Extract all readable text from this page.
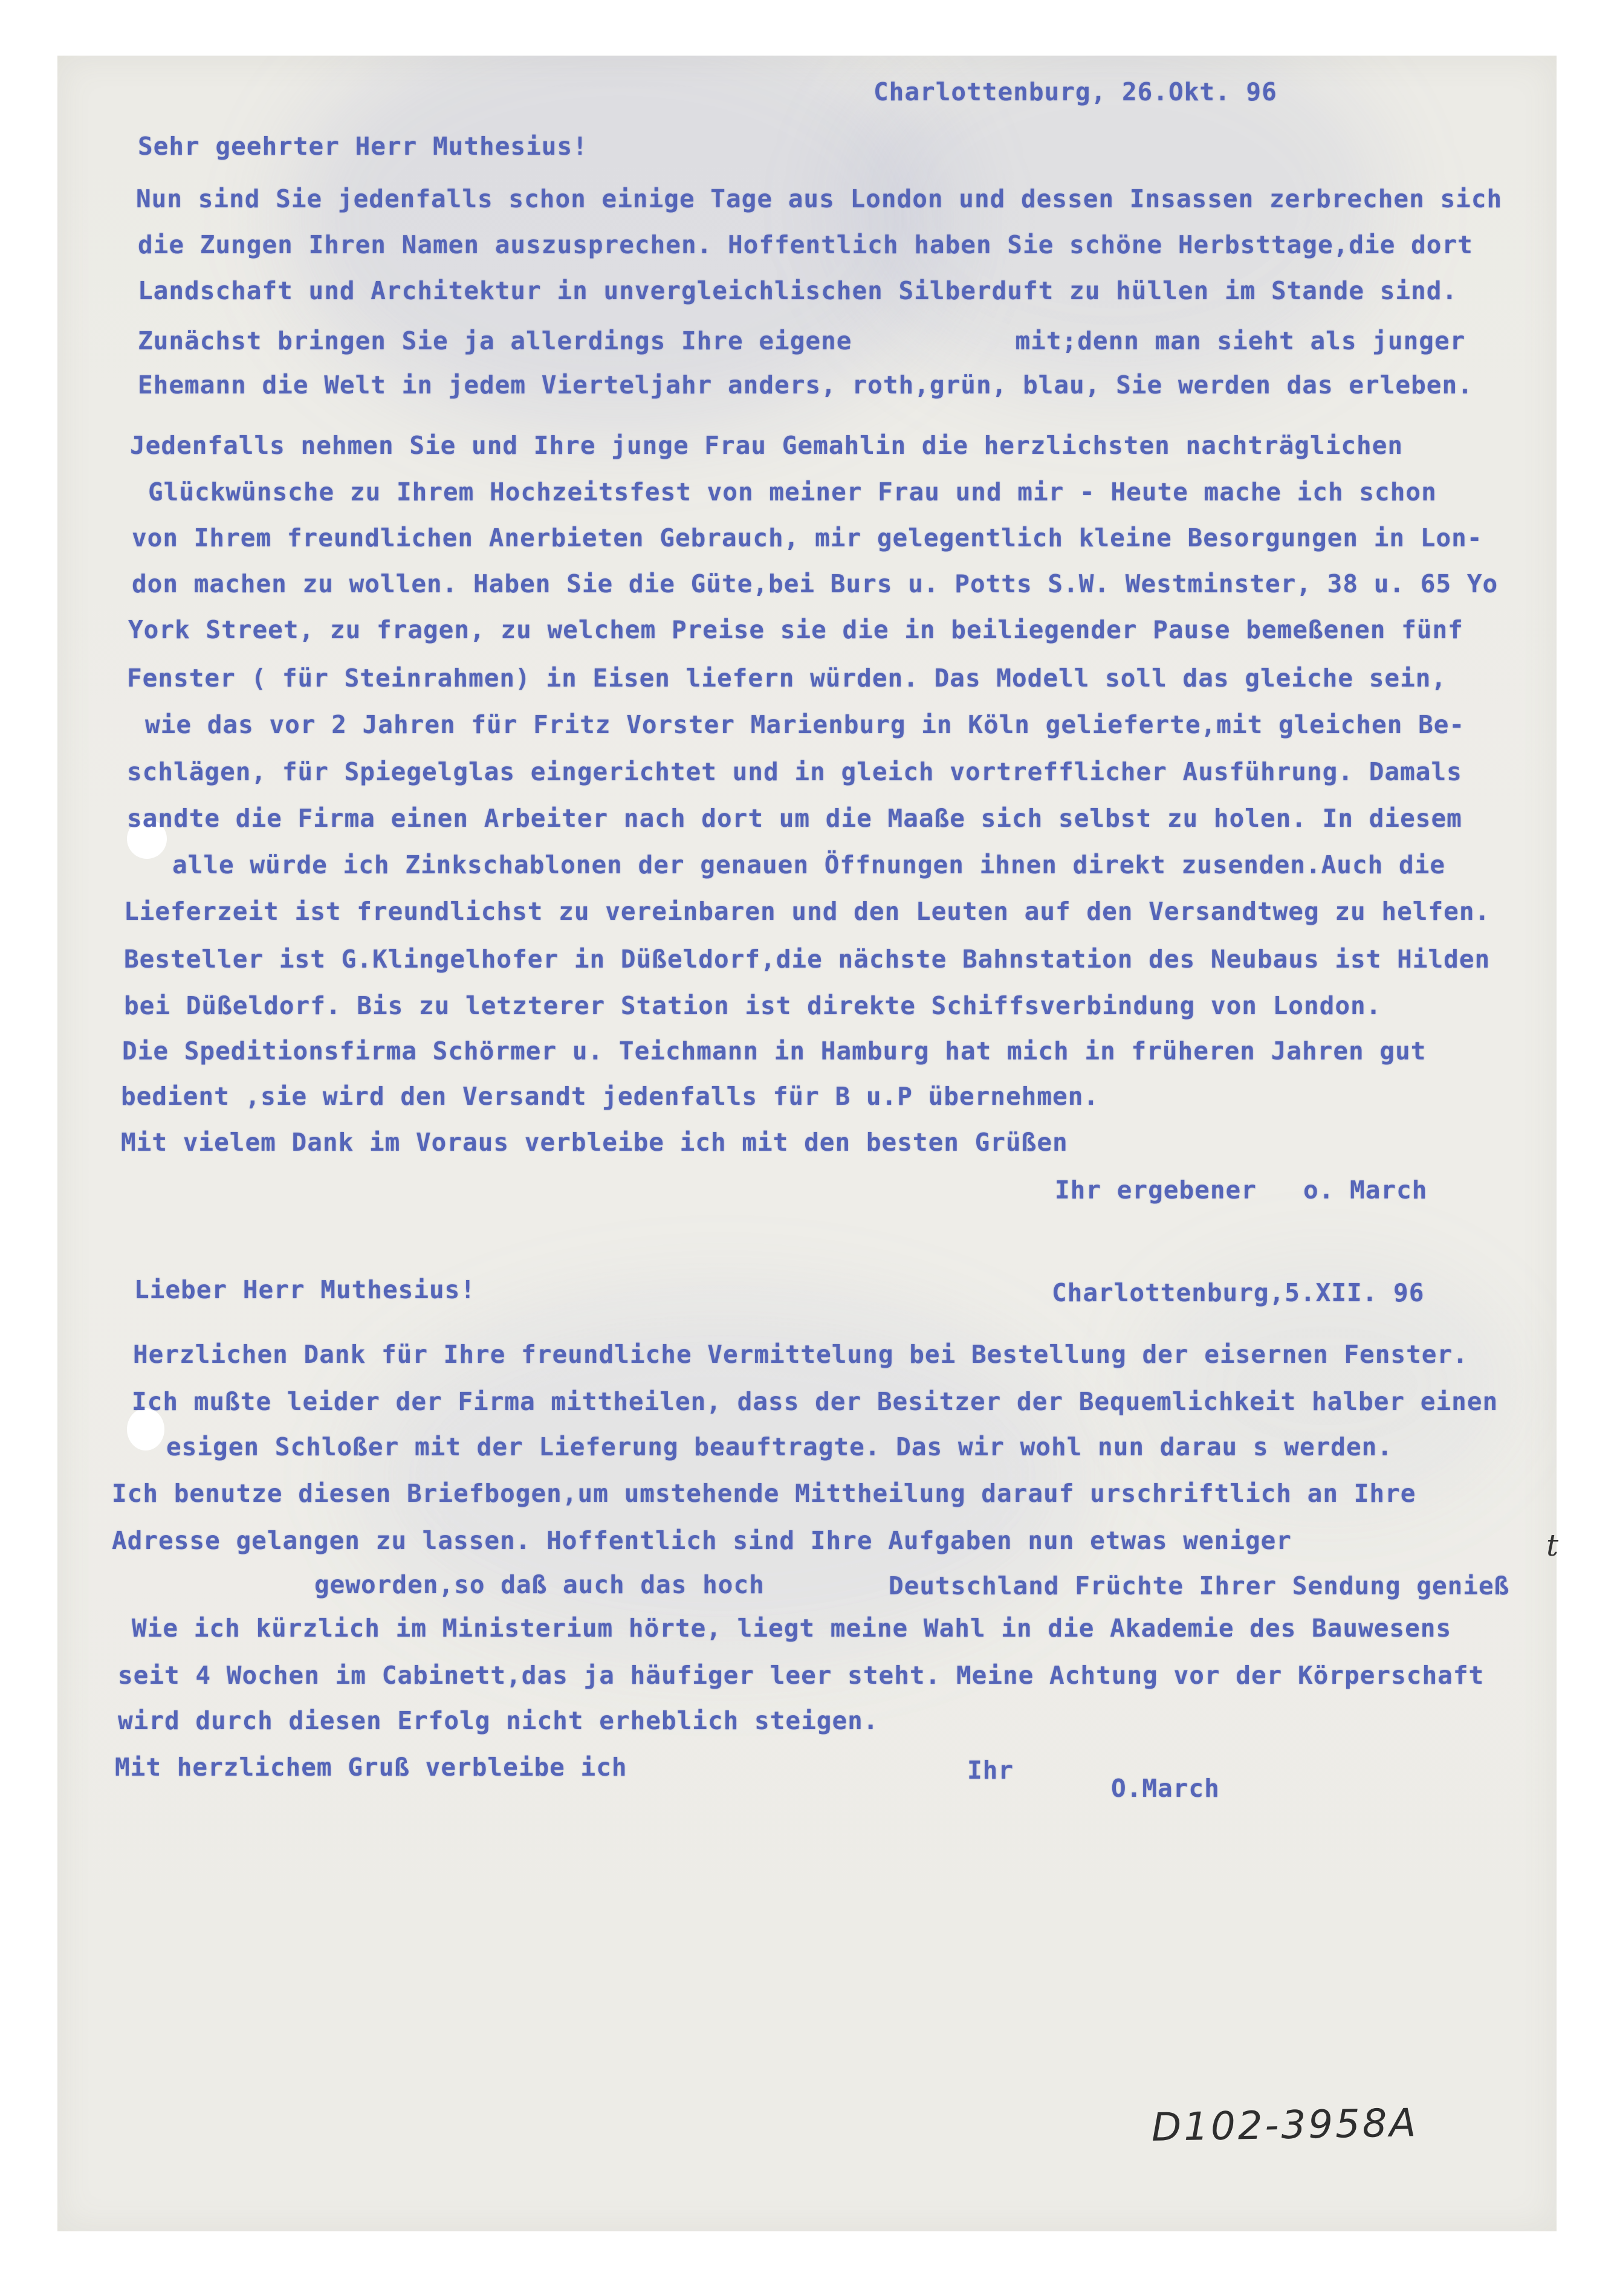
Charlottenburg, 26.Okt. 96
Sehr geehrter Herr Muthesius!
Nun sind Sie jedenfalls schon einige Tage aus London und dessen Insassen zerbrechen sich
die Zungen Ihren Namen auszusprechen. Hoffentlich haben Sie schöne Herbsttage,die dort
Landschaft und Architektur in unvergleichlischen Silberduft zu hüllen im Stande sind.
Zunächst bringen Sie ja allerdings Ihre eigene	mit;denn man sieht als junger
Ehemann die Welt in jedem Vierteljahr anders, roth,grün, blau, Sie werden das erleben.
Jedenfalls nehmen Sie und Ihre junge Frau Gemahlin die herzlichsten nachträglichen
Glückwünsche zu Ihrem Hochzeitsfest von meiner Frau und mir - Heute mache ich schon
von Ihrem freundlichen Anerbieten Gebrauch, mir gelegentlich kleine Besorgungen in Lon-
don machen zu wollen. Haben Sie die Güte,bei Burs u. Potts S.W. Westminster, 38 u. 65 Yo
York Street, zu fragen, zu welchem Preise sie die in beiliegender Pause bemeßenen fünf
Fenster ( für Steinrahmen) in Eisen liefern würden. Das Modell soll das gleiche sein,
wie das vor 2 Jahren für Fritz Vorster Marienburg in Köln gelieferte,mit gleichen Be-
schlägen, für Spiegelglas eingerichtet und in gleich vortrefflicher Ausführung. Damals
sandte die Firma einen Arbeiter nach dort um die Maaße sich selbst zu holen. In diesem
alle würde ich Zinkschablonen der genauen Öffnungen ihnen direkt zusenden.Auch die
Lieferzeit ist freundlichst zu vereinbaren und den Leuten auf den Versandtweg zu helfen.
Besteller ist G.Klingelhofer in Düßeldorf,die nächste Bahnstation des Neubaus ist Hilden
bei Düßeldorf. Bis zu letzterer Station ist direkte Schiffsverbindung von London.
Die Speditionsfirma Schörmer u. Teichmann in Hamburg hat mich in früheren Jahren gut
bedient ,sie wird den Versandt jedenfalls für B u.P übernehmen.
Mit vielem Dank im Voraus verbleibe ich mit den besten Grüßen
Ihr ergebener o. March
Lieber Herr Muthesius!	Charlottenburg,5.XII. 96
Herzlichen Dank für Ihre freundliche Vermittelung bei Bestellung der eisernen Fenster.
Ich mußte leider der Firma mittheilen, dass der Besitzer der Bequemlichkeit halber einen
esigen Schloßer mit der Lieferung beauftragte. Das wir wohl nun darau s werden.
Ich benutze diesen Briefbogen,um umstehende Mittheilung darauf urschriftlich an Ihre
Adresse gelangen zu lassen. Hoffentlich sind Ihre Aufgaben nun etwas weniger
geworden,so daß auch das hoch	Deutschland Früchte Ihrer Sendung genieß
t
Wie ich kürzlich im Ministerium hörte, liegt meine Wahl in die Akademie des Bauwesens
seit 4 Wochen im Cabinett,das ja häufiger leer steht. Meine Achtung vor der Körperschaft
wird durch diesen Erfolg nicht erheblich steigen.
Mit herzlichem Gruß verbleibe ich	Ihr
O.March
D102-3958A
